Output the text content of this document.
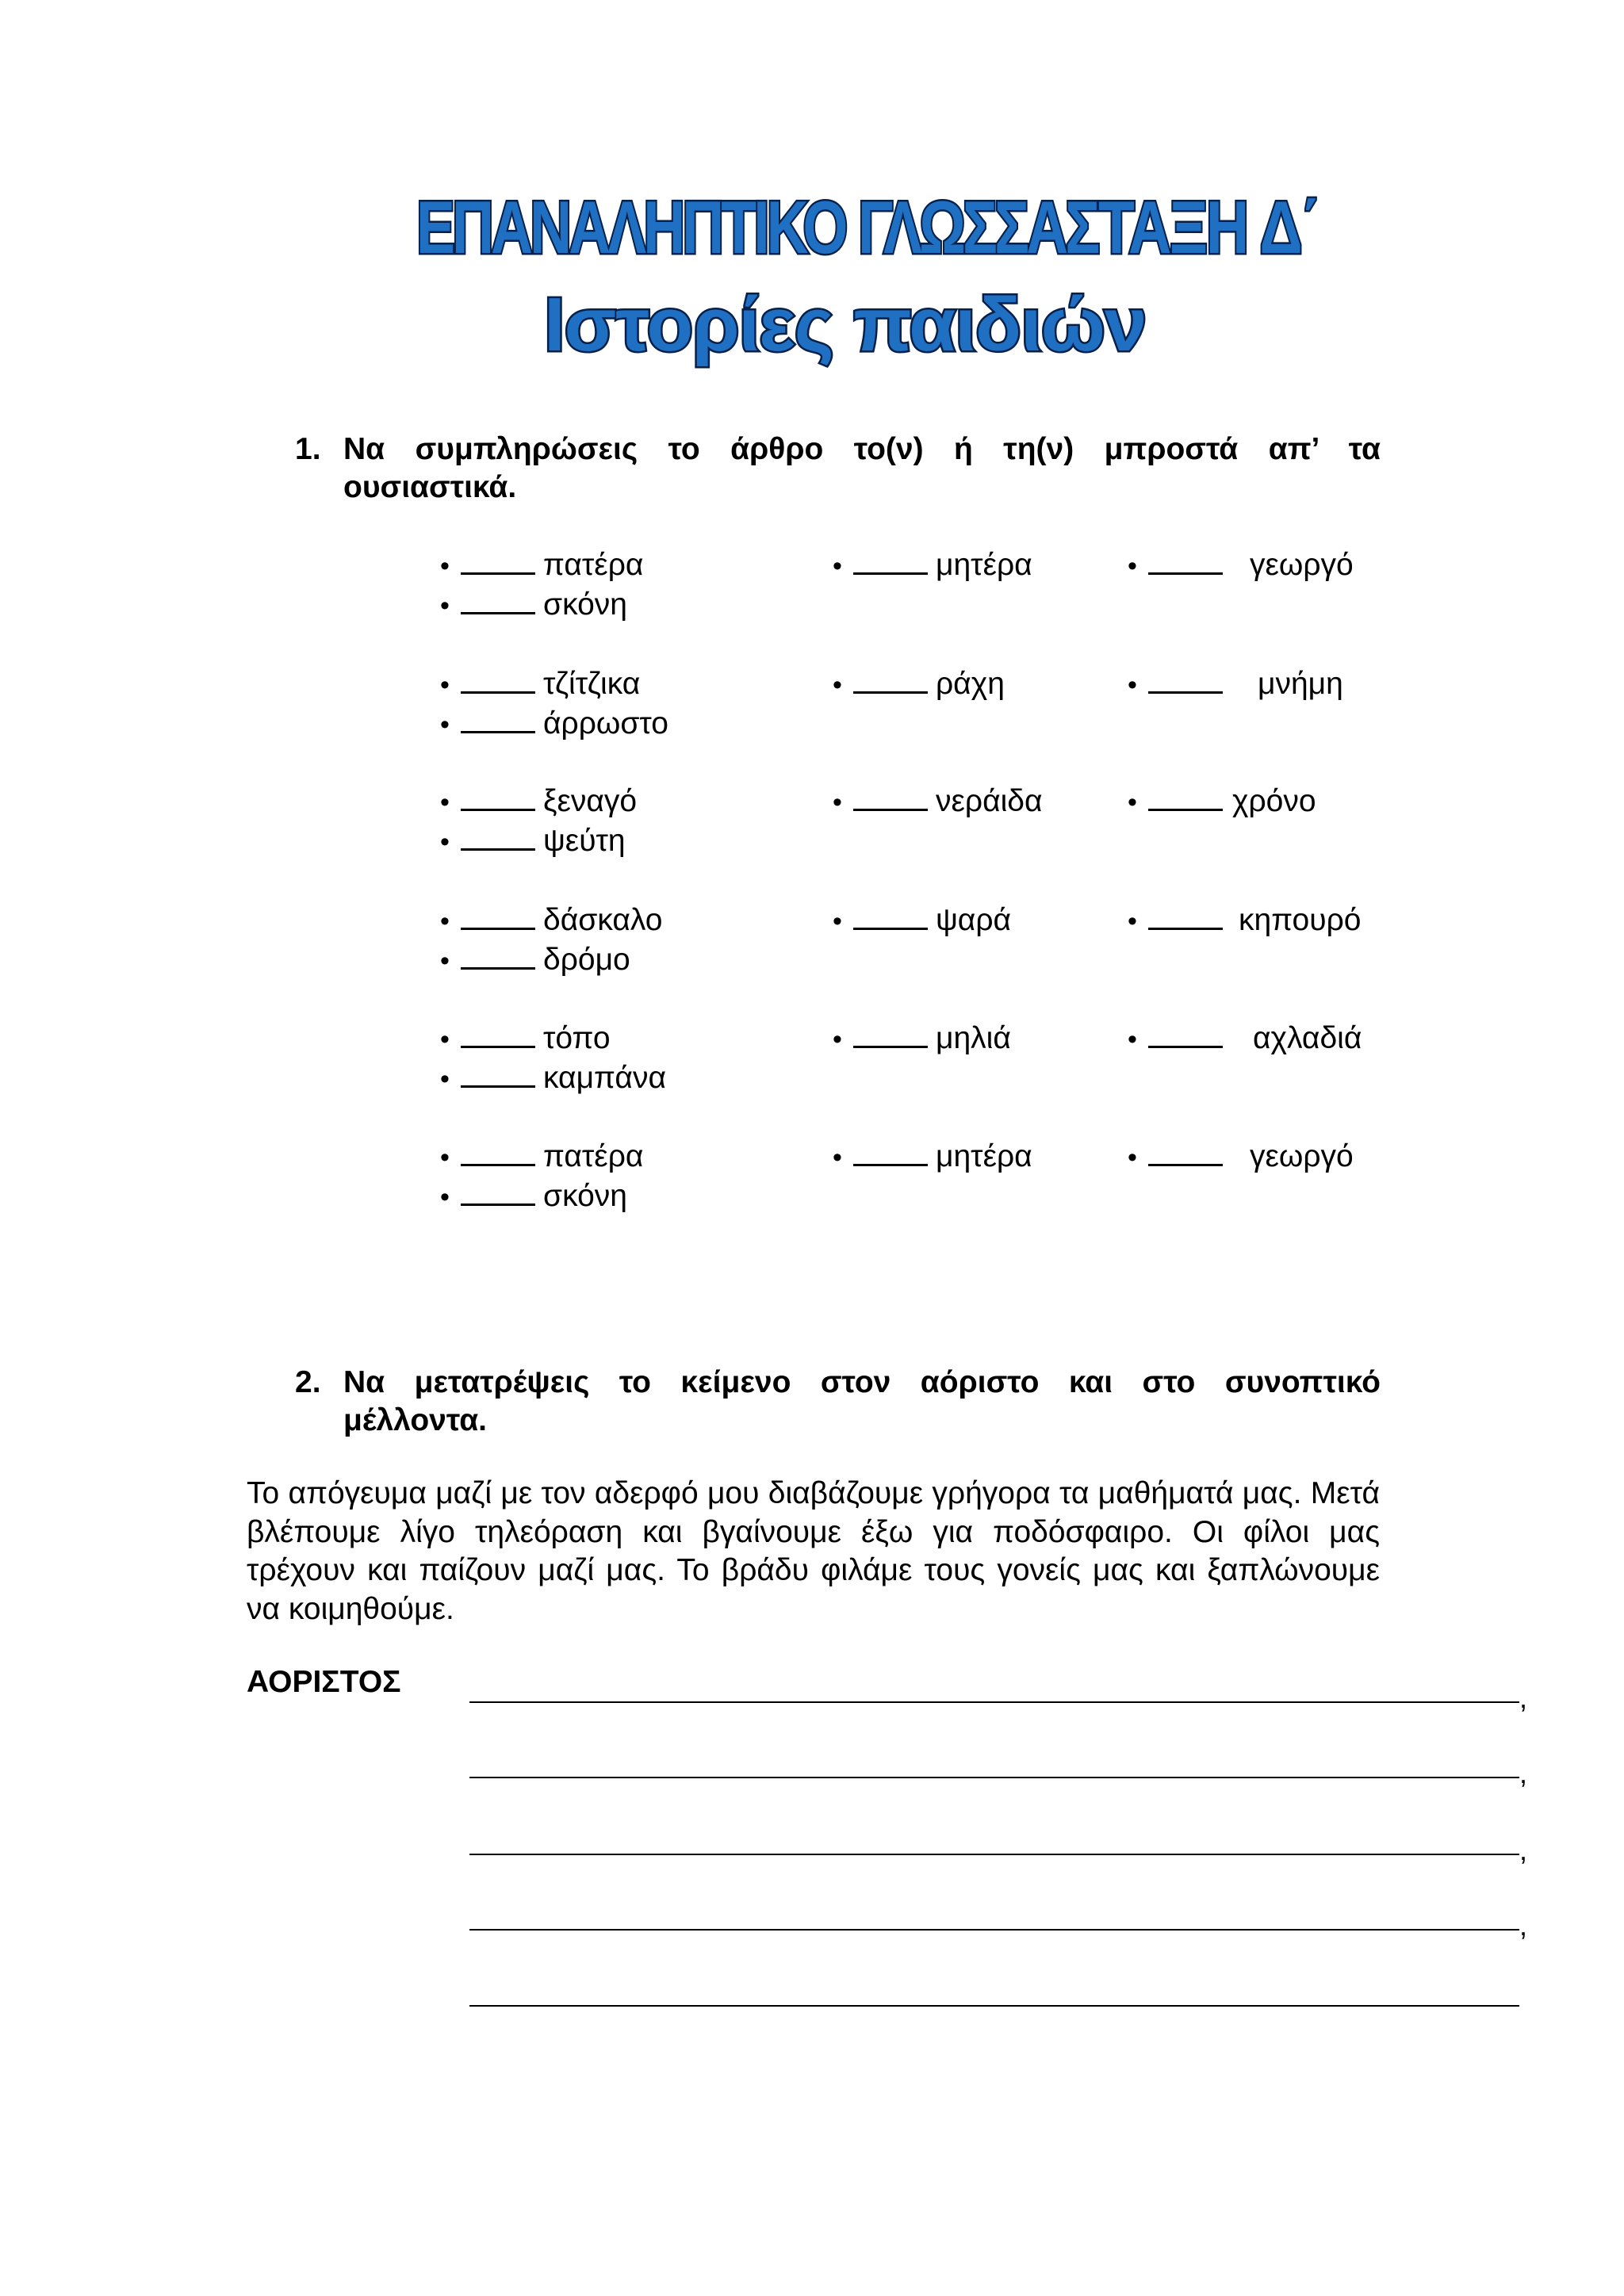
ΕΠΑΝΑΛΗΠΤΙΚΟ ΓΛΩΣΣΑΣ ΤΑΞΗ Δ΄
Ιστορίες παιδιών
1. Να συμπληρώσεις το άρθρο το(ν) ή τη(ν) μπροστά απ’ τα ουσιαστικά.
•	πατέρα
•	σκόνη
•	μητέρα	•	γεωργό
•	τζίτζικα
•	άρρωστο
•	ράχη	•	μνήμη
•	ξεναγό
•	ψεύτη
•	νεράιδα	•	χρόνο
•	δάσκαλο
•	δρόμο
•	ψαρά	•	κηπουρό
•	τόπο
•	καμπάνα
•	μηλιά	•	αχλαδιά
•	πατέρα
•	σκόνη
•	μητέρα	•	γεωργό
2. Να μετατρέψεις το κείμενο στον αόριστο και στο συνοπτικό μέλλοντα.
Το απόγευμα μαζί με τον αδερφό μου διαβάζουμε γρήγορα τα μαθήματά μας. Μετά βλέπουμε λίγο τηλεόραση και βγαίνουμε έξω για ποδόσφαιρο. Οι φίλοι μας τρέχουν και παίζουν μαζί μας. Το βράδυ φιλάμε τους γονείς μας και ξαπλώνουμε να κοιμηθούμε.
ΑΟΡΙΣΤΟΣ	,
,
,
,
